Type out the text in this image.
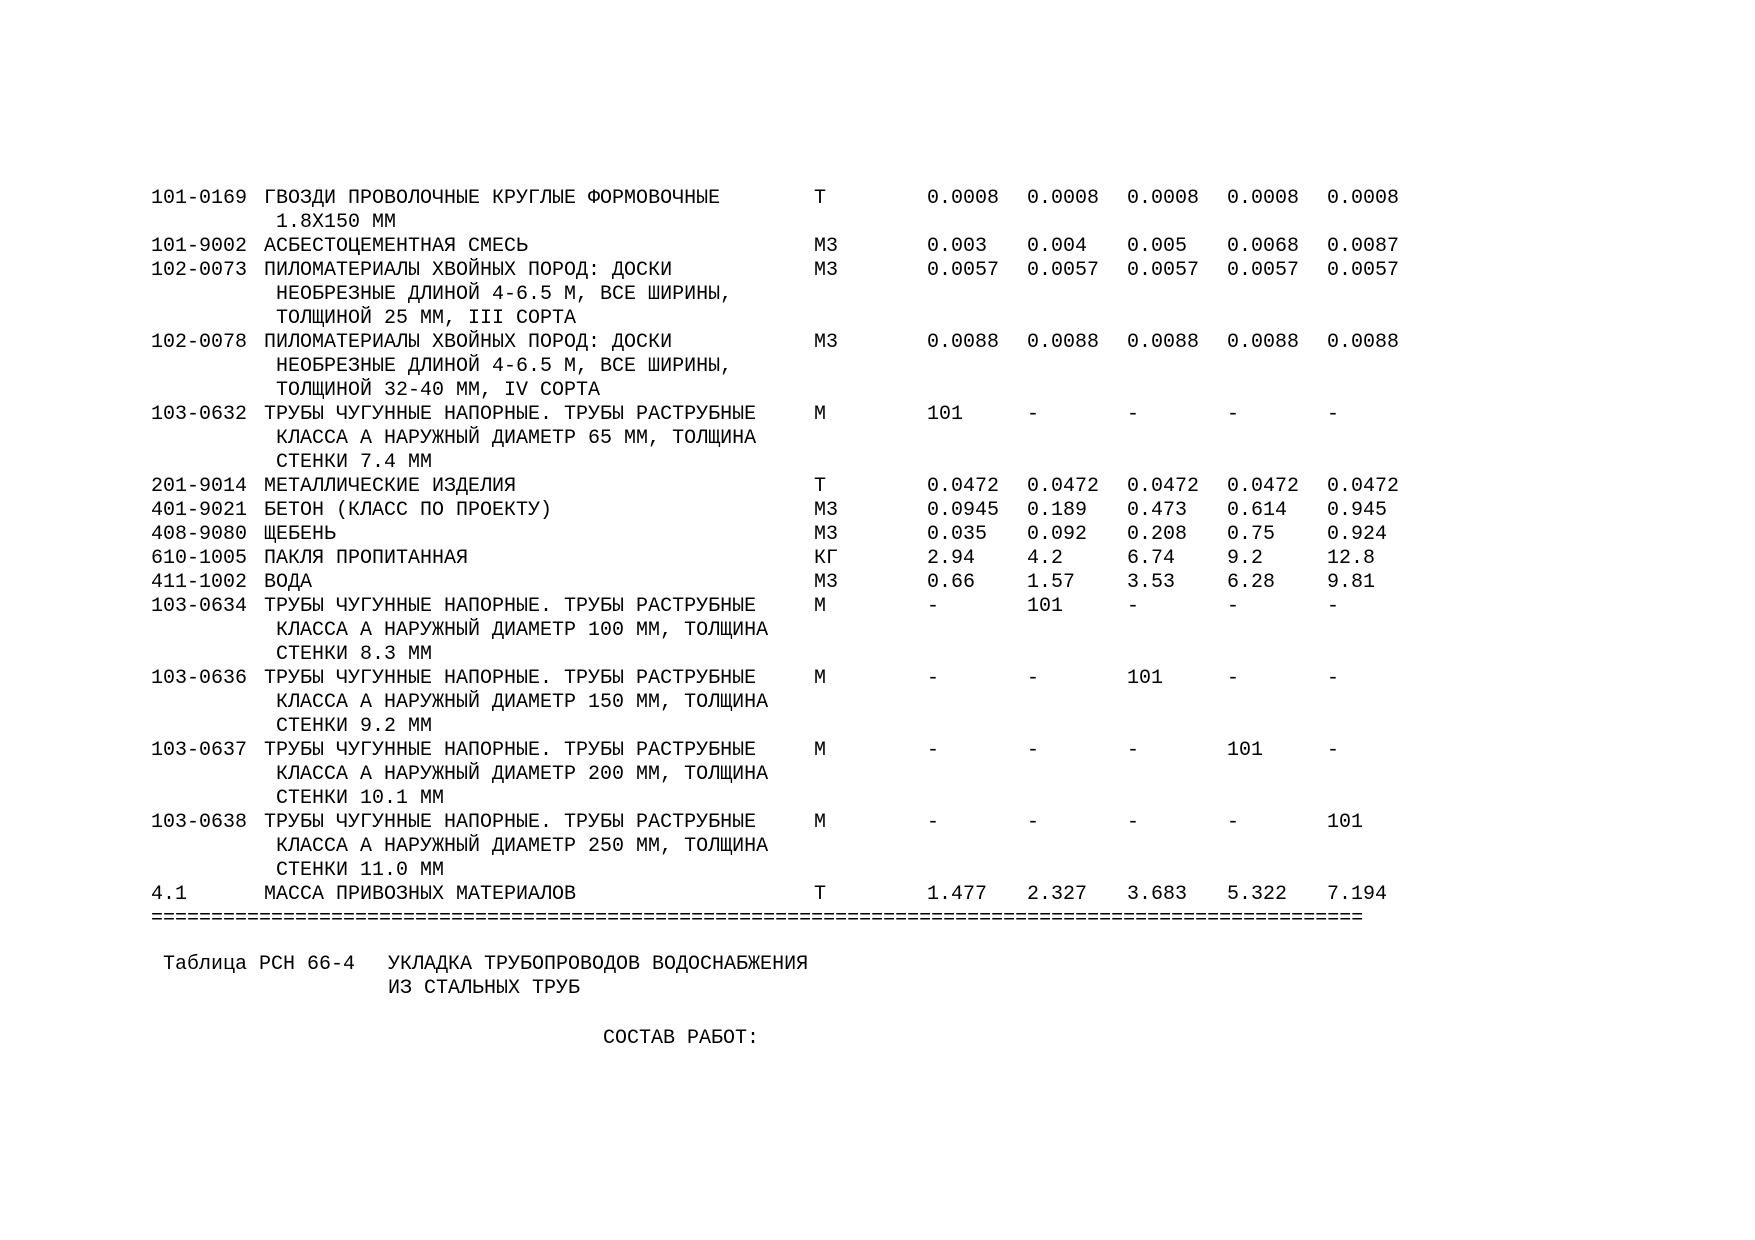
101-0169 ГВОЗДИ ПРОВОЛОЧНЫЕ КРУГЛЫЕ ФОРМОВОЧНЫЕ	Т	0.0008 0.0008 0.0008 0.0008 0.0008
1.8X150 ММ
101-9002 АСБЕСТОЦЕМЕНТНАЯ СМЕСЬ	М3	0.003 0.004 0.005 0.0068 0.0087
102-0073 ПИЛОМАТЕРИАЛЫ ХВОЙНЫХ ПОРОД: ДОСКИ	М3	0.0057 0.0057 0.0057 0.0057 0.0057
НЕОБРЕЗНЫЕ ДЛИНОЙ 4-6.5 М, ВСЕ ШИРИНЫ,
ТОЛЩИНОЙ 25 ММ, III СОРТА
102-0078 ПИЛОМАТЕРИАЛЫ ХВОЙНЫХ ПОРОД: ДОСКИ	М3	0.0088 0.0088 0.0088 0.0088 0.0088
НЕОБРЕЗНЫЕ ДЛИНОЙ 4-6.5 М, ВСЕ ШИРИНЫ,
ТОЛЩИНОЙ 32-40 ММ, IV СОРТА
103-0632 ТРУБЫ ЧУГУННЫЕ НАПОРНЫЕ. ТРУБЫ РАСТРУБНЫЕ	М	101	-	-	-	-
КЛАССА А НАРУЖНЫЙ ДИАМЕТР 65 ММ, ТОЛЩИНА
СТЕНКИ 7.4 ММ
201-9014 МЕТАЛЛИЧЕСКИЕ ИЗДЕЛИЯ	Т	0.0472 0.0472 0.0472 0.0472 0.0472
401-9021 БЕТОН (КЛАСС ПО ПРОЕКТУ)	М3	0.0945 0.189 0.473 0.614 0.945
408-9080 ЩЕБЕНЬ	М3	0.035 0.092 0.208 0.75	0.924
610-1005 ПАКЛЯ ПРОПИТАННАЯ	КГ	2.94	4.2	6.74	9.2	12.8
411-1002 ВОДА	М3	0.66	1.57	3.53	6.28	9.81
103-0634 ТРУБЫ ЧУГУННЫЕ НАПОРНЫЕ. ТРУБЫ РАСТРУБНЫЕ	М	-	101	-	-	-
КЛАССА А НАРУЖНЫЙ ДИАМЕТР 100 ММ, ТОЛЩИНА
СТЕНКИ 8.3 ММ
103-0636 ТРУБЫ ЧУГУННЫЕ НАПОРНЫЕ. ТРУБЫ РАСТРУБНЫЕ	М	-	-	101	-	-
КЛАССА А НАРУЖНЫЙ ДИАМЕТР 150 ММ, ТОЛЩИНА
СТЕНКИ 9.2 ММ
103-0637 ТРУБЫ ЧУГУННЫЕ НАПОРНЫЕ. ТРУБЫ РАСТРУБНЫЕ	М	-	-	-	101	-
КЛАССА А НАРУЖНЫЙ ДИАМЕТР 200 ММ, ТОЛЩИНА
СТЕНКИ 10.1 ММ
103-0638 ТРУБЫ ЧУГУННЫЕ НАПОРНЫЕ. ТРУБЫ РАСТРУБНЫЕ	М	-	-	-	-	101
КЛАССА А НАРУЖНЫЙ ДИАМЕТР 250 ММ, ТОЛЩИНА
СТЕНКИ 11.0 ММ
4.1	МАССА ПРИВОЗНЫХ МАТЕРИАЛОВ	Т	1.477 2.327 3.683 5.322 7.194
=====================================================================================================

Таблица РСН 66-4

УКЛАДКА ТРУБОПРОВОДОВ ВОДОСНАБЖЕНИЯ

ИЗ СТАЛЬНЫХ ТРУБ

СОСТАВ РАБОТ:
